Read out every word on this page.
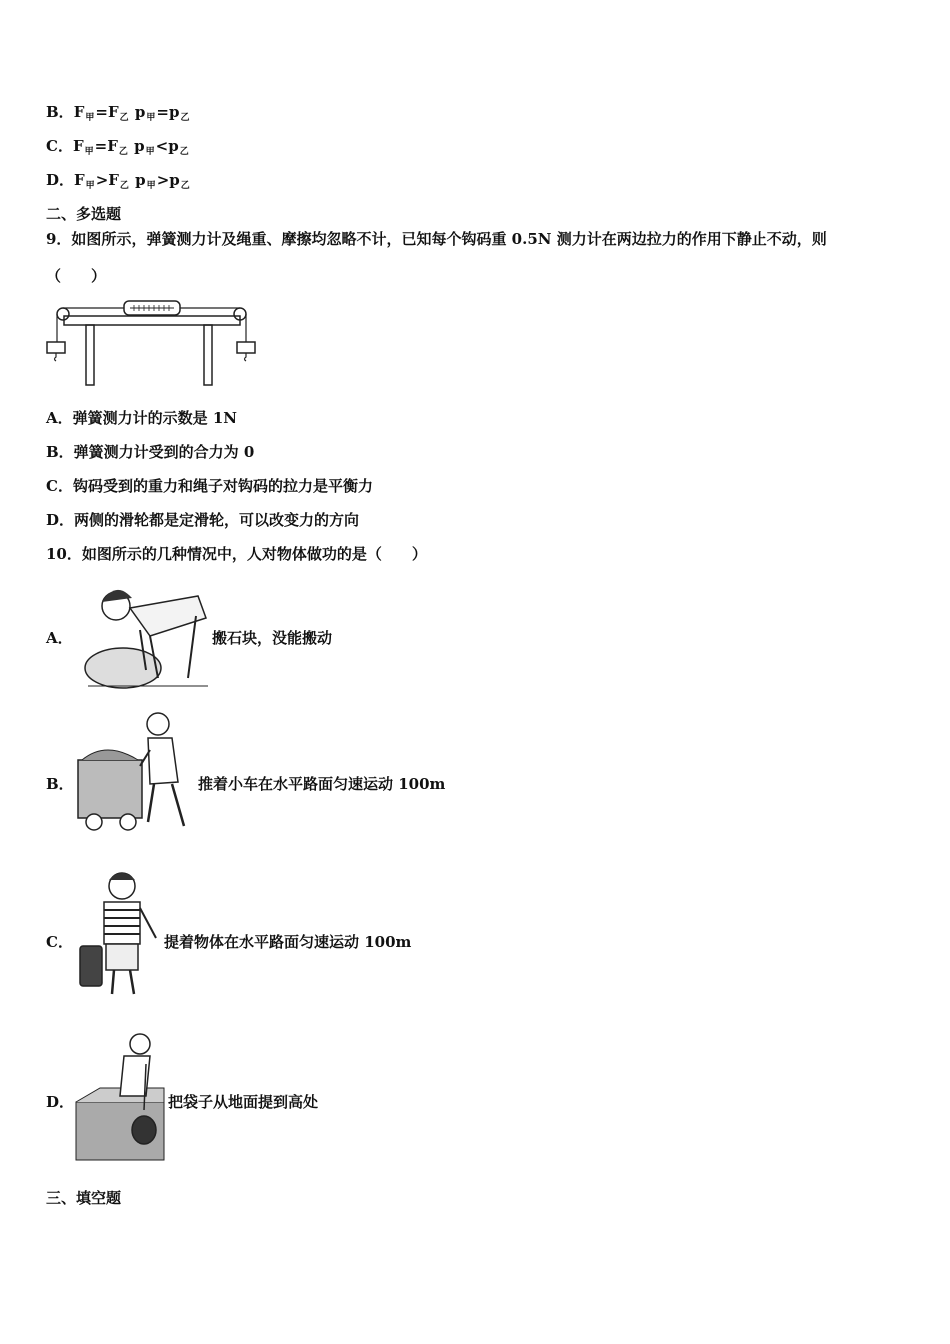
B．$F_甲=F_乙$ $p_甲=p_乙$
C．$F_甲=F_乙$ $p_甲<p_乙$
D．$F_甲>F_乙$ $p_甲>p_乙$
二、多选题
9．如图所示，弹簧测力计及绳重、摩擦均忽略不计，已知每个钩码重 0.5N 测力计在两边拉力的作用下静止不动，则
（　　）
A．弹簧测力计的示数是 1N
B．弹簧测力计受到的合力为 0
C．钩码受到的重力和绳子对钩码的拉力是平衡力
D．两侧的滑轮都是定滑轮，可以改变力的方向
10．如图所示的几种情况中，人对物体做功的是（　　）
A．	搬石块，没能搬动
B．	推着小车在水平路面匀速运动 100m
C．	提着物体在水平路面匀速运动 100m
D．	把袋子从地面提到高处
三、填空题
